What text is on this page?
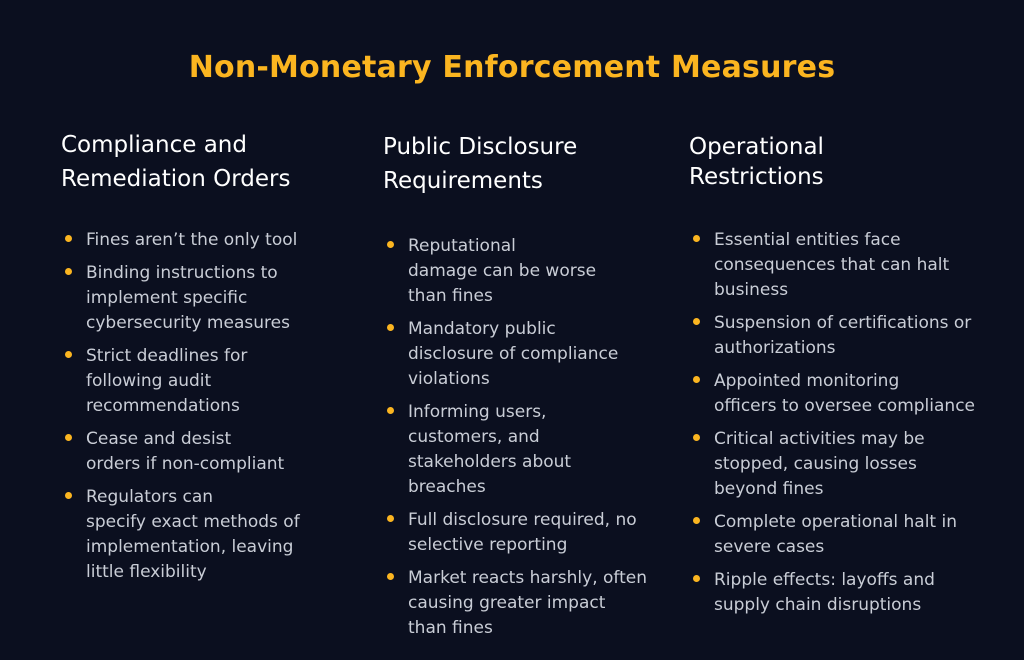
Non-Monetary Enforcement Measures
Compliance and
Remediation Orders
Fines aren’t the only tool
Binding instructions to
implement specific
cybersecurity measures
Strict deadlines for
following audit
recommendations
Cease and desist
orders if non-compliant
Regulators can
specify exact methods of
implementation, leaving
little flexibility
Public Disclosure
Requirements
Reputational
damage can be worse
than fines
Mandatory public
disclosure of compliance
violations
Informing users,
customers, and
stakeholders about
breaches
Full disclosure required, no
selective reporting
Market reacts harshly, often
causing greater impact
than fines
Operational
Restrictions
Essential entities face
consequences that can halt
business
Suspension of certifications or
authorizations
Appointed monitoring
officers to oversee compliance
Critical activities may be
stopped, causing losses
beyond fines
Complete operational halt in
severe cases
Ripple effects: layoffs and
supply chain disruptions
